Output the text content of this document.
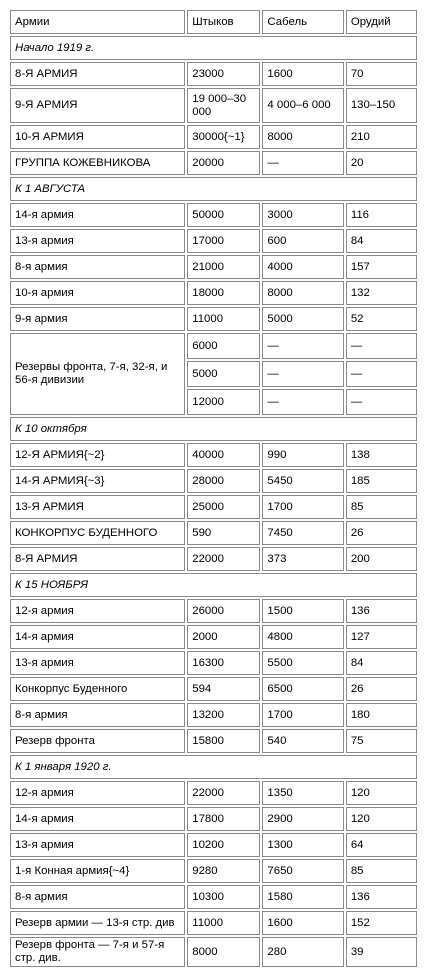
Армии	Штыков	Сабель	Орудий
Начало 1919 г.			
8-Я АРМИЯ	23000	1600	70
9-Я АРМИЯ	19 000–30 000	4 000–6 000	130–150
10-Я АРМИЯ	30000{~1}	8000	210
ГРУППА КОЖЕВНИКОВА	20000	—	20
К 1 АВГУСТА			
14-я армия	50000	3000	116
13-я армия	17000	600	84
8-я армия	21000	4000	157
10-я армия	18000	8000	132
9-я армия	11000	5000	52
Резервы фронта, 7-я, 32-я, и 56-я дивизии	6000	—	—
	5000	—	—
	12000	—	—
К 10 октября			
12-Я АРМИЯ{~2}	40000	990	138
14-Я АРМИЯ{~3}	28000	5450	185
13-Я АРМИЯ	25000	1700	85
КОНКОРПУС БУДЕННОГО	590	7450	26
8-Я АРМИЯ	22000	373	200
К 15 НОЯБРЯ			
12-я армия	26000	1500	136
14-я армия	2000	4800	127
13-я армия	16300	5500	84
Конкорпус Буденного	594	6500	26
8-я армия	13200	1700	180
Резерв фронта	15800	540	75
К 1 января 1920 г.			
12-я армия	22000	1350	120
14-я армия	17800	2900	120
13-я армия	10200	1300	64
1-я Конная армия{~4}	9280	7650	85
8-я армия	10300	1580	136
Резерв армии — 13-я стр. див	11000	1600	152
Резерв фронта — 7-я и 57-я стр. див.	8000	280	39
